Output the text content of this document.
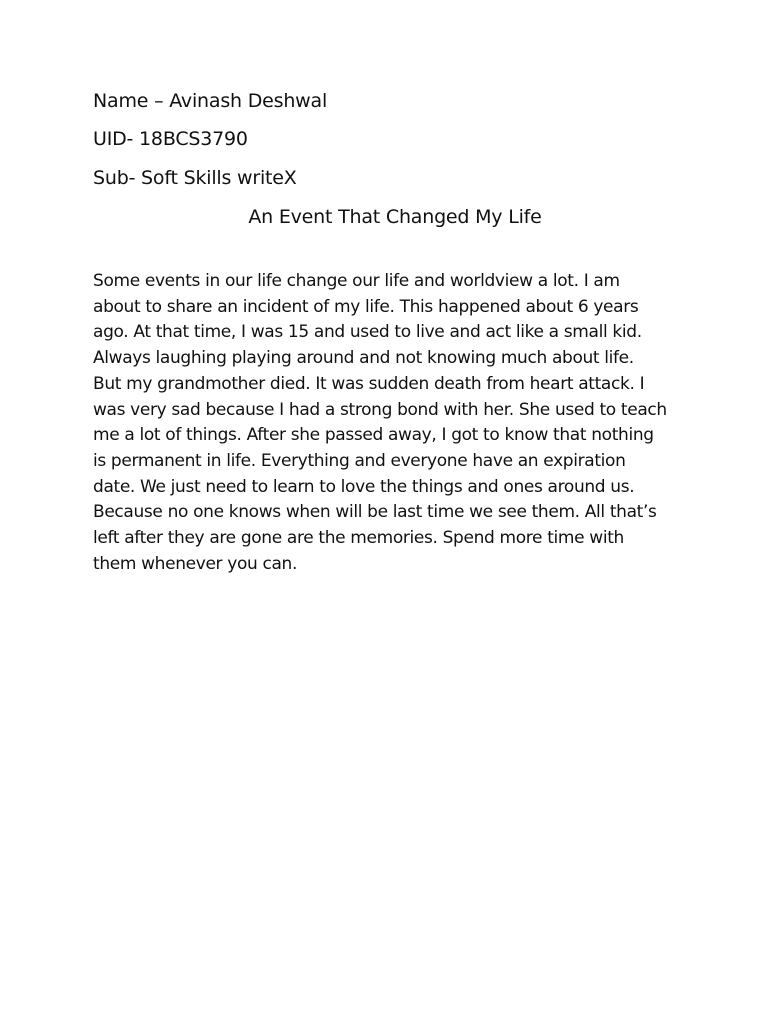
Name – Avinash Deshwal
UID- 18BCS3790
Sub- Soft Skills writeX
An Event That Changed My Life
Some events in our life change our life and worldview a lot. I am
about to share an incident of my life. This happened about 6 years
ago. At that time, I was 15 and used to live and act like a small kid.
Always laughing playing around and not knowing much about life.
But my grandmother died. It was sudden death from heart attack. I
was very sad because I had a strong bond with her. She used to teach
me a lot of things. After she passed away, I got to know that nothing
is permanent in life. Everything and everyone have an expiration
date. We just need to learn to love the things and ones around us.
Because no one knows when will be last time we see them. All that’s
left after they are gone are the memories. Spend more time with
them whenever you can.
